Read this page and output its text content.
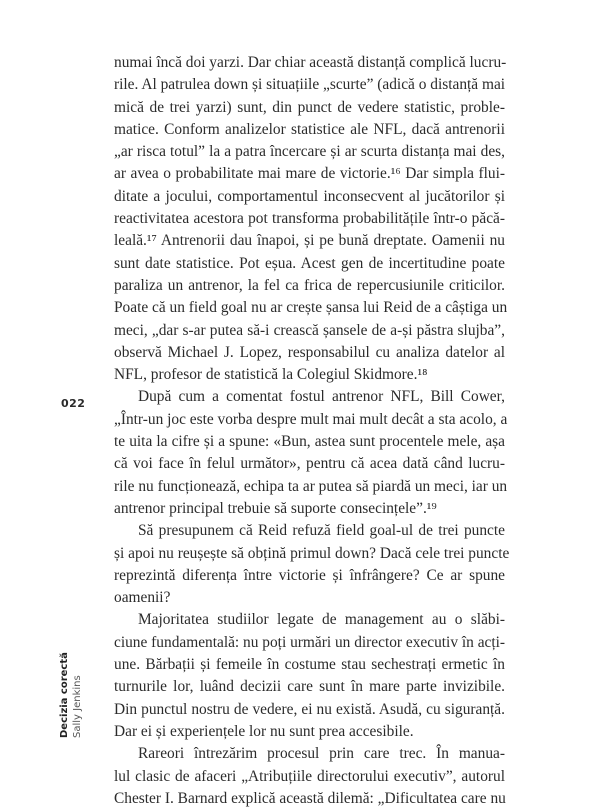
022
Decizia corectă Sally Jenkins
numai încă doi yarzi. Dar chiar această distanță complică lucru-
rile. Al patrulea down și situațiile „scurte” (adică o distanță mai
mică de trei yarzi) sunt, din punct de vedere statistic, proble-
matice. Conform analizelor statistice ale NFL, dacă antrenorii
„ar risca totul” la a patra încercare și ar scurta distanța mai des,
ar avea o probabilitate mai mare de victorie.¹⁶ Dar simpla flui-
ditate a jocului, comportamentul inconsecvent al jucătorilor și
reactivitatea acestora pot transforma probabilitățile într-o păcă-
leală.¹⁷ Antrenorii dau înapoi, și pe bună dreptate. Oamenii nu
sunt date statistice. Pot eșua. Acest gen de incertitudine poate
paraliza un antrenor, la fel ca frica de repercusiunile criticilor.
Poate că un field goal nu ar crește șansa lui Reid de a câștiga un
meci, „dar s-ar putea să-i crească șansele de a-și păstra slujba”,
observă Michael J. Lopez, responsabilul cu analiza datelor al
NFL, profesor de statistică la Colegiul Skidmore.¹⁸
După cum a comentat fostul antrenor NFL, Bill Cower,
„Într-un joc este vorba despre mult mai mult decât a sta acolo, a
te uita la cifre și a spune: «Bun, astea sunt procentele mele, așa
că voi face în felul următor», pentru că acea dată când lucru-
rile nu funcționează, echipa ta ar putea să piardă un meci, iar un
antrenor principal trebuie să suporte consecințele”.¹⁹
Să presupunem că Reid refuză field goal-ul de trei puncte
și apoi nu reușește să obțină primul down? Dacă cele trei puncte
reprezintă diferența între victorie și înfrângere? Ce ar spune
oamenii?
Majoritatea studiilor legate de management au o slăbi-
ciune fundamentală: nu poți urmări un director executiv în acți-
une. Bărbații și femeile în costume stau sechestrați ermetic în
turnurile lor, luând decizii care sunt în mare parte invizibile.
Din punctul nostru de vedere, ei nu există. Asudă, cu siguranță.
Dar ei și experiențele lor nu sunt prea accesibile.
Rareori întrezărim procesul prin care trec. În manua-
lul clasic de afaceri „Atribuțiile directorului executiv”, autorul
Chester I. Barnard explică această dilemă: „Dificultatea care nu
